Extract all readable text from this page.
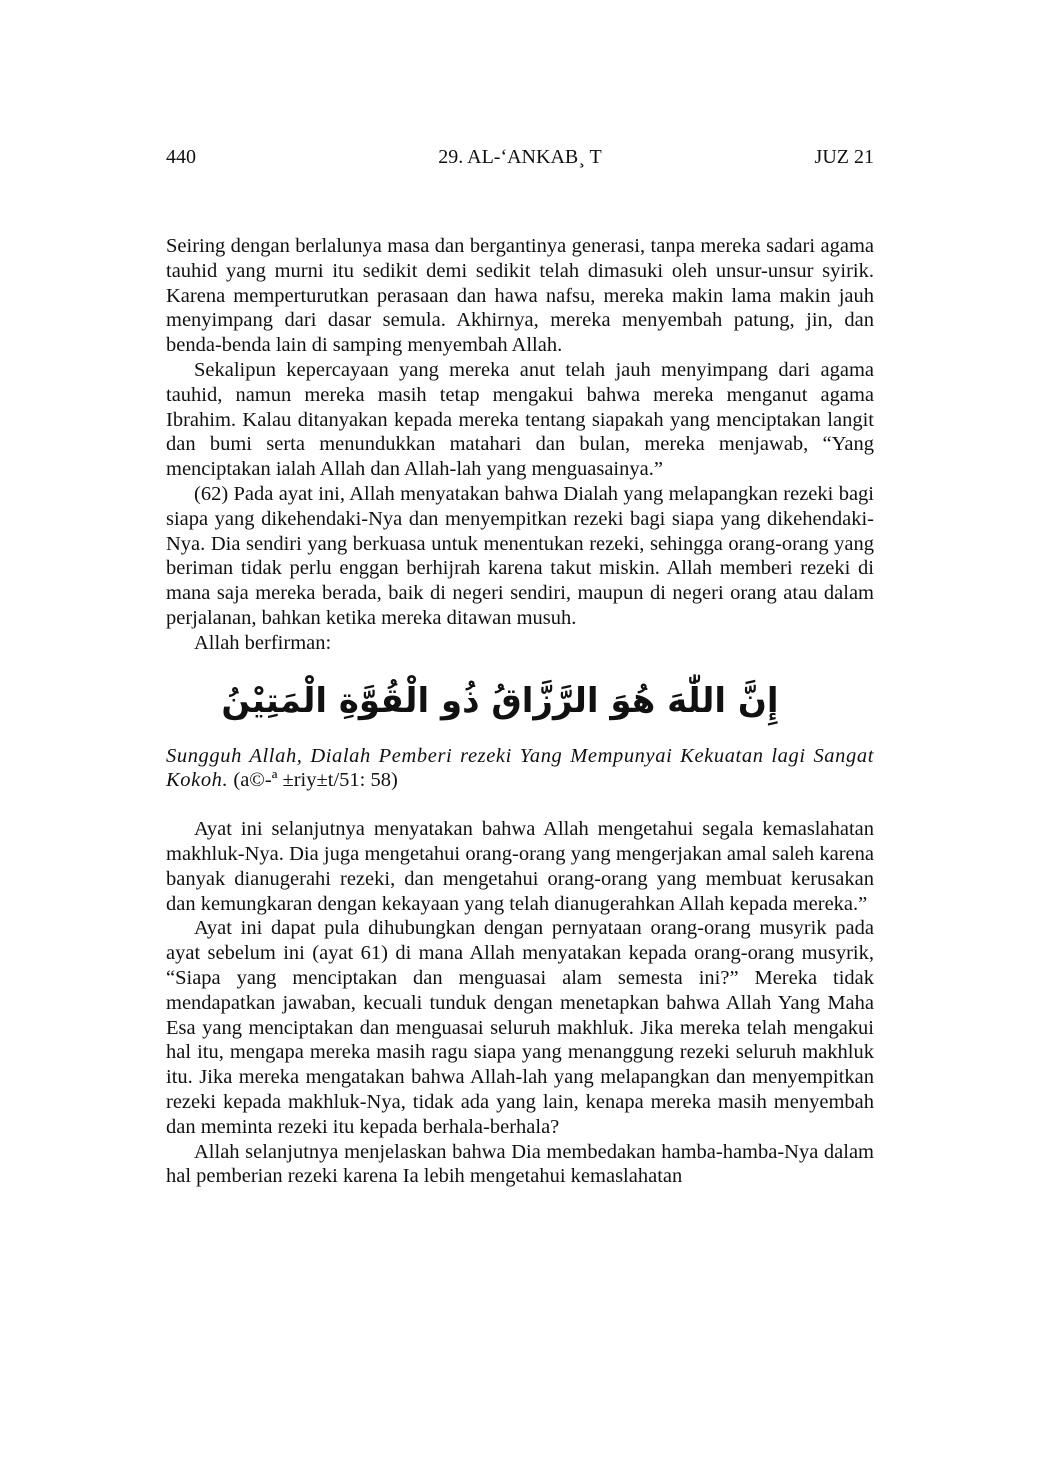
440	29. AL-‘ANKAB¸ T	JUZ 21

Seiring dengan berlalunya masa dan bergantinya generasi, tanpa mereka sadari agama tauhid yang murni itu sedikit demi sedikit telah dimasuki oleh unsur-unsur syirik. Karena memperturutkan perasaan dan hawa nafsu, mereka makin lama makin jauh menyimpang dari dasar semula. Akhirnya, mereka menyembah patung, jin, dan benda-benda lain di samping menyembah Allah.

Sekalipun kepercayaan yang mereka anut telah jauh menyimpang dari agama tauhid, namun mereka masih tetap mengakui bahwa mereka menganut agama Ibrahim. Kalau ditanyakan kepada mereka tentang siapakah yang menciptakan langit dan bumi serta menundukkan matahari dan bulan, mereka menjawab, “Yang menciptakan ialah Allah dan Allah-lah yang menguasainya.”

(62) Pada ayat ini, Allah menyatakan bahwa Dialah yang melapangkan rezeki bagi siapa yang dikehendaki-Nya dan menyempitkan rezeki bagi siapa yang dikehendaki-Nya. Dia sendiri yang berkuasa untuk menentukan rezeki, sehingga orang-orang yang beriman tidak perlu enggan berhijrah karena takut miskin. Allah memberi rezeki di mana saja mereka berada, baik di negeri sendiri, maupun di negeri orang atau dalam perjalanan, bahkan ketika mereka ditawan musuh.

Allah berfirman:

إِنَّ اللّٰهَ هُوَ الرَّزَّاقُ ذُو الْقُوَّةِ الْمَتِيْنُ

Sungguh Allah, Dialah Pemberi rezeki Yang Mempunyai Kekuatan lagi Sangat Kokoh. (a©-ª ±riy±t/51: 58)

Ayat ini selanjutnya menyatakan bahwa Allah mengetahui segala kemaslahatan makhluk-Nya. Dia juga mengetahui orang-orang yang mengerjakan amal saleh karena banyak dianugerahi rezeki, dan mengetahui orang-orang yang membuat kerusakan dan kemungkaran dengan kekayaan yang telah dianugerahkan Allah kepada mereka.”

Ayat ini dapat pula dihubungkan dengan pernyataan orang-orang musyrik pada ayat sebelum ini (ayat 61) di mana Allah menyatakan kepada orang-orang musyrik, “Siapa yang menciptakan dan menguasai alam semesta ini?” Mereka tidak mendapatkan jawaban, kecuali tunduk dengan menetapkan bahwa Allah Yang Maha Esa yang menciptakan dan menguasai seluruh makhluk. Jika mereka telah mengakui hal itu, mengapa mereka masih ragu siapa yang menanggung rezeki seluruh makhluk itu. Jika mereka mengatakan bahwa Allah-lah yang melapangkan dan menyempitkan rezeki kepada makhluk-Nya, tidak ada yang lain, kenapa mereka masih menyembah dan meminta rezeki itu kepada berhala-berhala?

Allah selanjutnya menjelaskan bahwa Dia membedakan hamba-hamba-Nya dalam hal pemberian rezeki karena Ia lebih mengetahui kemaslahatan
